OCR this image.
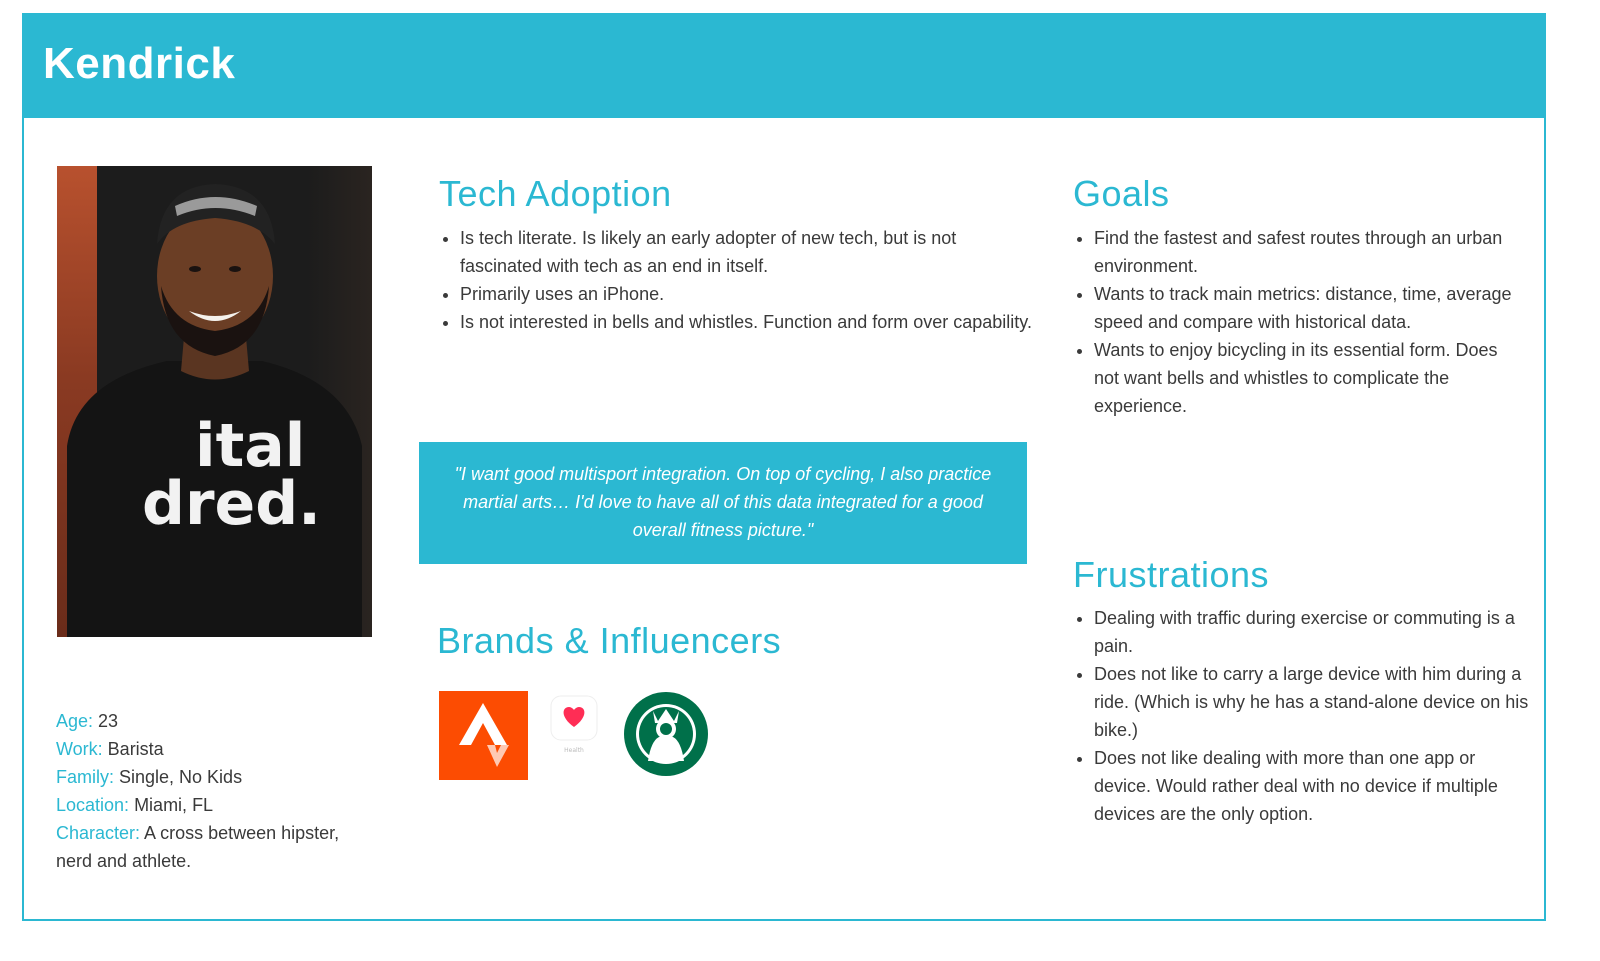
Kendrick
ital
dred.
Age: 23
Work: Barista
Family: Single, No Kids
Location: Miami, FL
Character: A cross between hipster, nerd and athlete.
Tech Adoption
• Is tech literate. Is likely an early adopter of new tech, but is not fascinated with tech as an end in itself.
• Primarily uses an iPhone.
• Is not interested in bells and whistles. Function and form over capability.
"I want good multisport integration. On top of cycling, I also practice martial arts… I'd love to have all of this data integrated for a good overall fitness picture."
Brands & Influencers
Health
Goals
• Find the fastest and safest routes through an urban environment.
• Wants to track main metrics: distance, time, average speed and compare with historical data.
• Wants to enjoy bicycling in its essential form. Does not want bells and whistles to complicate the experience.
Frustrations
• Dealing with traffic during exercise or commuting is a pain.
• Does not like to carry a large device with him during a ride. (Which is why he has a stand-alone device on his bike.)
• Does not like dealing with more than one app or device. Would rather deal with no device if multiple devices are the only option.
